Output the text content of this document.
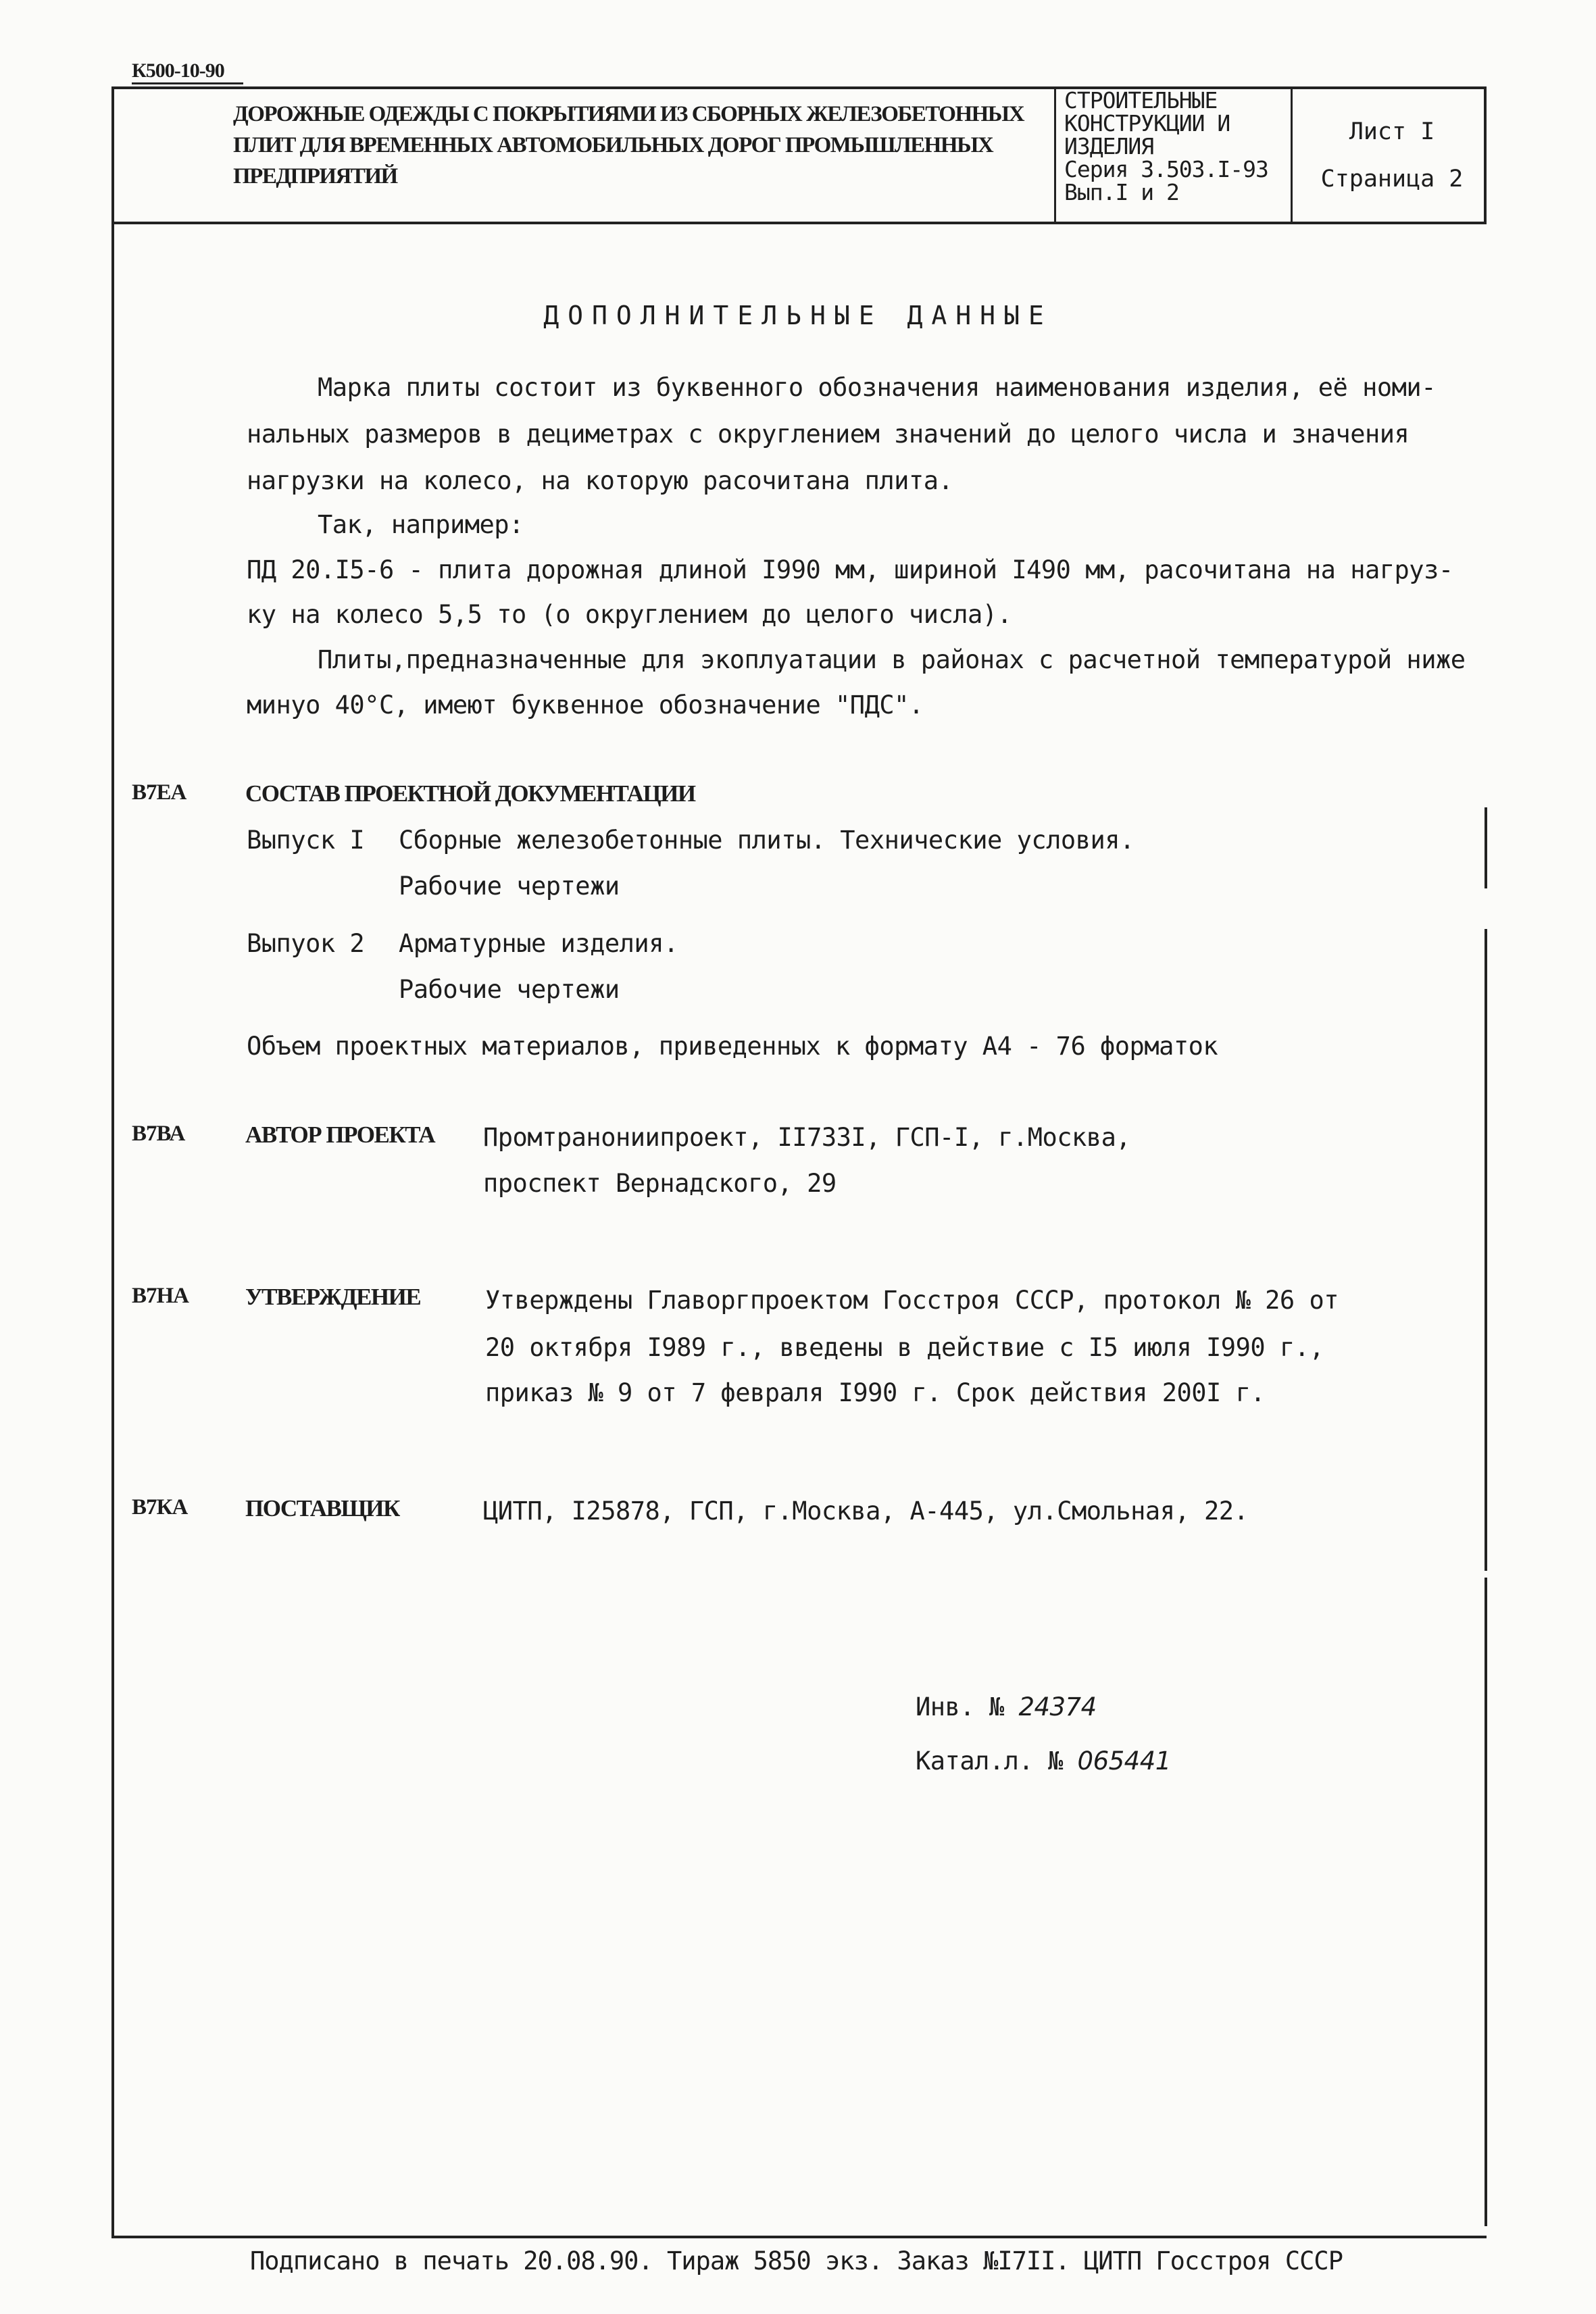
К500-10-90
ДОРОЖНЫЕ ОДЕЖДЫ С ПОКРЫТИЯМИ ИЗ СБОРНЫХ ЖЕЛЕЗОБЕТОННЫХ
ПЛИТ ДЛЯ ВРЕМЕННЫХ АВТОМОБИЛЬНЫХ ДОРОГ ПРОМЫШЛЕННЫХ
ПРЕДПРИЯТИЙ
СТРОИТЕЛЬНЫЕ
КОНСТРУКЦИИ И
ИЗДЕЛИЯ
Серия 3.503.I-93
Вып.I и 2
Лист I
Страница 2
ДОПОЛНИТЕЛЬНЫЕ ДАННЫЕ
Марка плиты состоит из буквенного обозначения наименования изделия, её номи-
нальных размеров в дециметрах с округлением значений до целого числа и значения
нагрузки на колесо, на которую расочитана плита.
Так, например:
ПД 20.I5-6 - плита дорожная длиной I990 мм, шириной I490 мм, расочитана на нагруз-
ку на колесо 5,5 то (о округлением до целого числа).
Плиты,предназначенные для экоплуатации в районах с расчетной температурой ниже
минуо 40°С, имеют буквенное обозначение "ПДС".
В7ЕА	СОСТАВ ПРОЕКТНОЙ ДОКУМЕНТАЦИИ
Выпуск I Сборные железобетонные плиты. Технические условия.
Рабочие чертежи
Выпуок 2 Арматурные изделия.
Рабочие чертежи
Объем проектных материалов, приведенных к формату А4 - 76 форматок
В7ВА	АВТОР ПРОЕКТА Промтранониипроект, II733I, ГСП-I, г.Москва,
проспект Вернадского, 29
В7НА УТВЕРЖДЕНИЕ	Утверждены Главоргпроектом Госстроя СССР, протокол № 26 от
20 октября I989 г., введены в действие с I5 июля I990 г.,
приказ № 9 от 7 февраля I990 г. Срок действия 200I г.
В7КА ПОСТАВЩИК	ЦИТП, I25878, ГСП, г.Москва, А-445, ул.Смольная, 22.
Инв. № 24374
Катал.л. № 065441
Подписано в печать 20.08.90. Тираж 5850 экз. Заказ №I7II. ЦИТП Госстроя СССР
